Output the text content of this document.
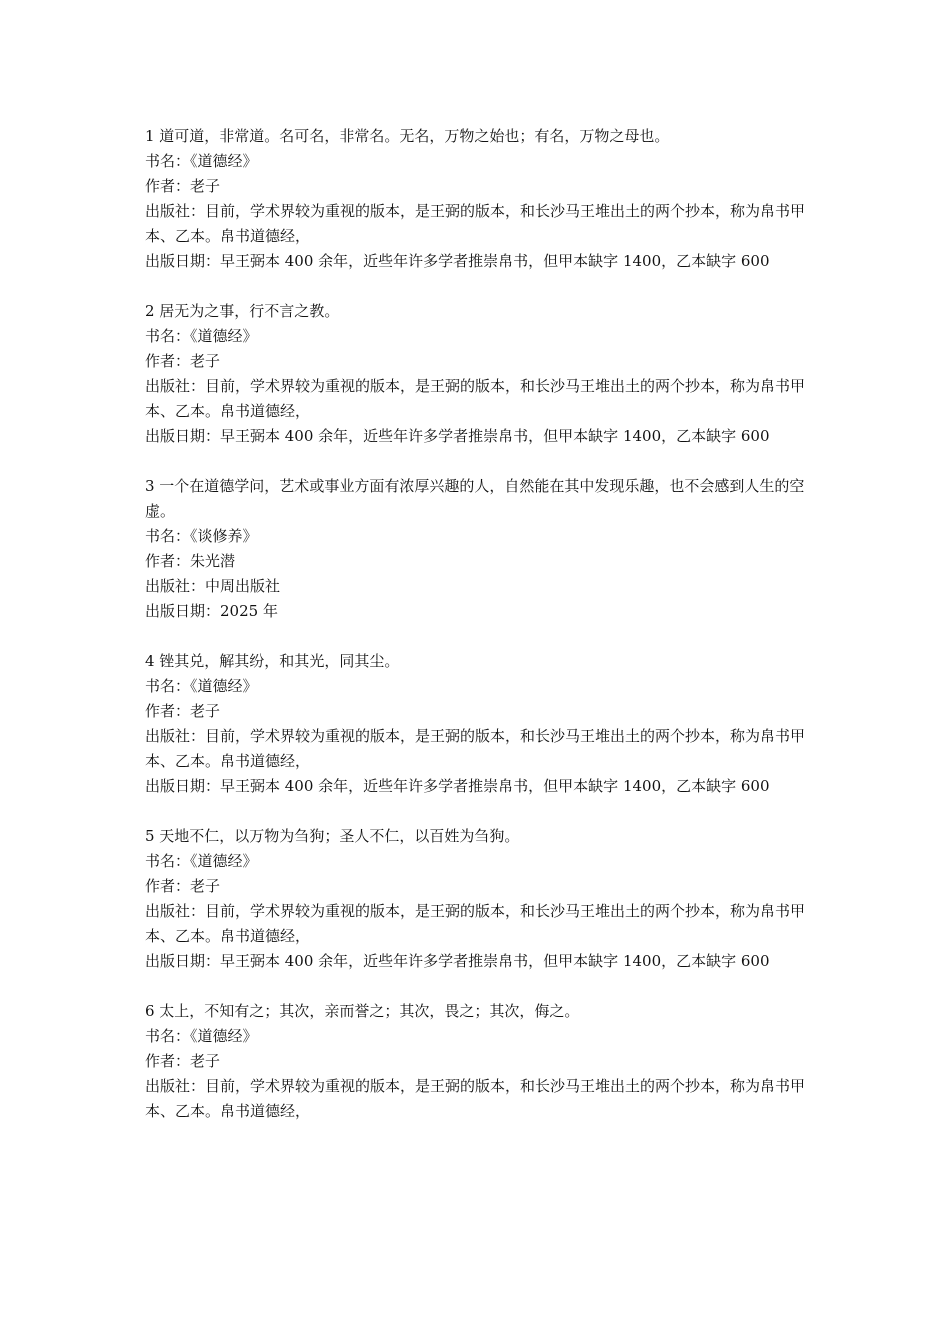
1 道可道，非常道。名可名，非常名。无名，万物之始也；有名，万物之母也。

书名：《道德经》

作者：老子

出版社：目前，学术界较为重视的版本，是王弼的版本，和长沙马王堆出土的两个抄本，称为帛书甲本、乙本。帛书道德经，

出版日期：早王弼本 400 余年，近些年许多学者推崇帛书，但甲本缺字 1400，乙本缺字 600

2 居无为之事，行不言之教。

书名：《道德经》

作者：老子

出版社：目前，学术界较为重视的版本，是王弼的版本，和长沙马王堆出土的两个抄本，称为帛书甲本、乙本。帛书道德经，

出版日期：早王弼本 400 余年，近些年许多学者推崇帛书，但甲本缺字 1400，乙本缺字 600

3 一个在道德学问，艺术或事业方面有浓厚兴趣的人，自然能在其中发现乐趣，也不会感到人生的空虚。

书名：《谈修养》

作者：朱光潜

出版社：中周出版社

出版日期：2025 年

4 锉其兑，解其纷，和其光，同其尘。

书名：《道德经》

作者：老子

出版社：目前，学术界较为重视的版本，是王弼的版本，和长沙马王堆出土的两个抄本，称为帛书甲本、乙本。帛书道德经，

出版日期：早王弼本 400 余年，近些年许多学者推崇帛书，但甲本缺字 1400，乙本缺字 600

5 天地不仁，以万物为刍狗；圣人不仁，以百姓为刍狗。

书名：《道德经》

作者：老子

出版社：目前，学术界较为重视的版本，是王弼的版本，和长沙马王堆出土的两个抄本，称为帛书甲本、乙本。帛书道德经，

出版日期：早王弼本 400 余年，近些年许多学者推崇帛书，但甲本缺字 1400，乙本缺字 600

6 太上，不知有之；其次，亲而誉之；其次，畏之；其次，侮之。

书名：《道德经》

作者：老子

出版社：目前，学术界较为重视的版本，是王弼的版本，和长沙马王堆出土的两个抄本，称为帛书甲本、乙本。帛书道德经，
